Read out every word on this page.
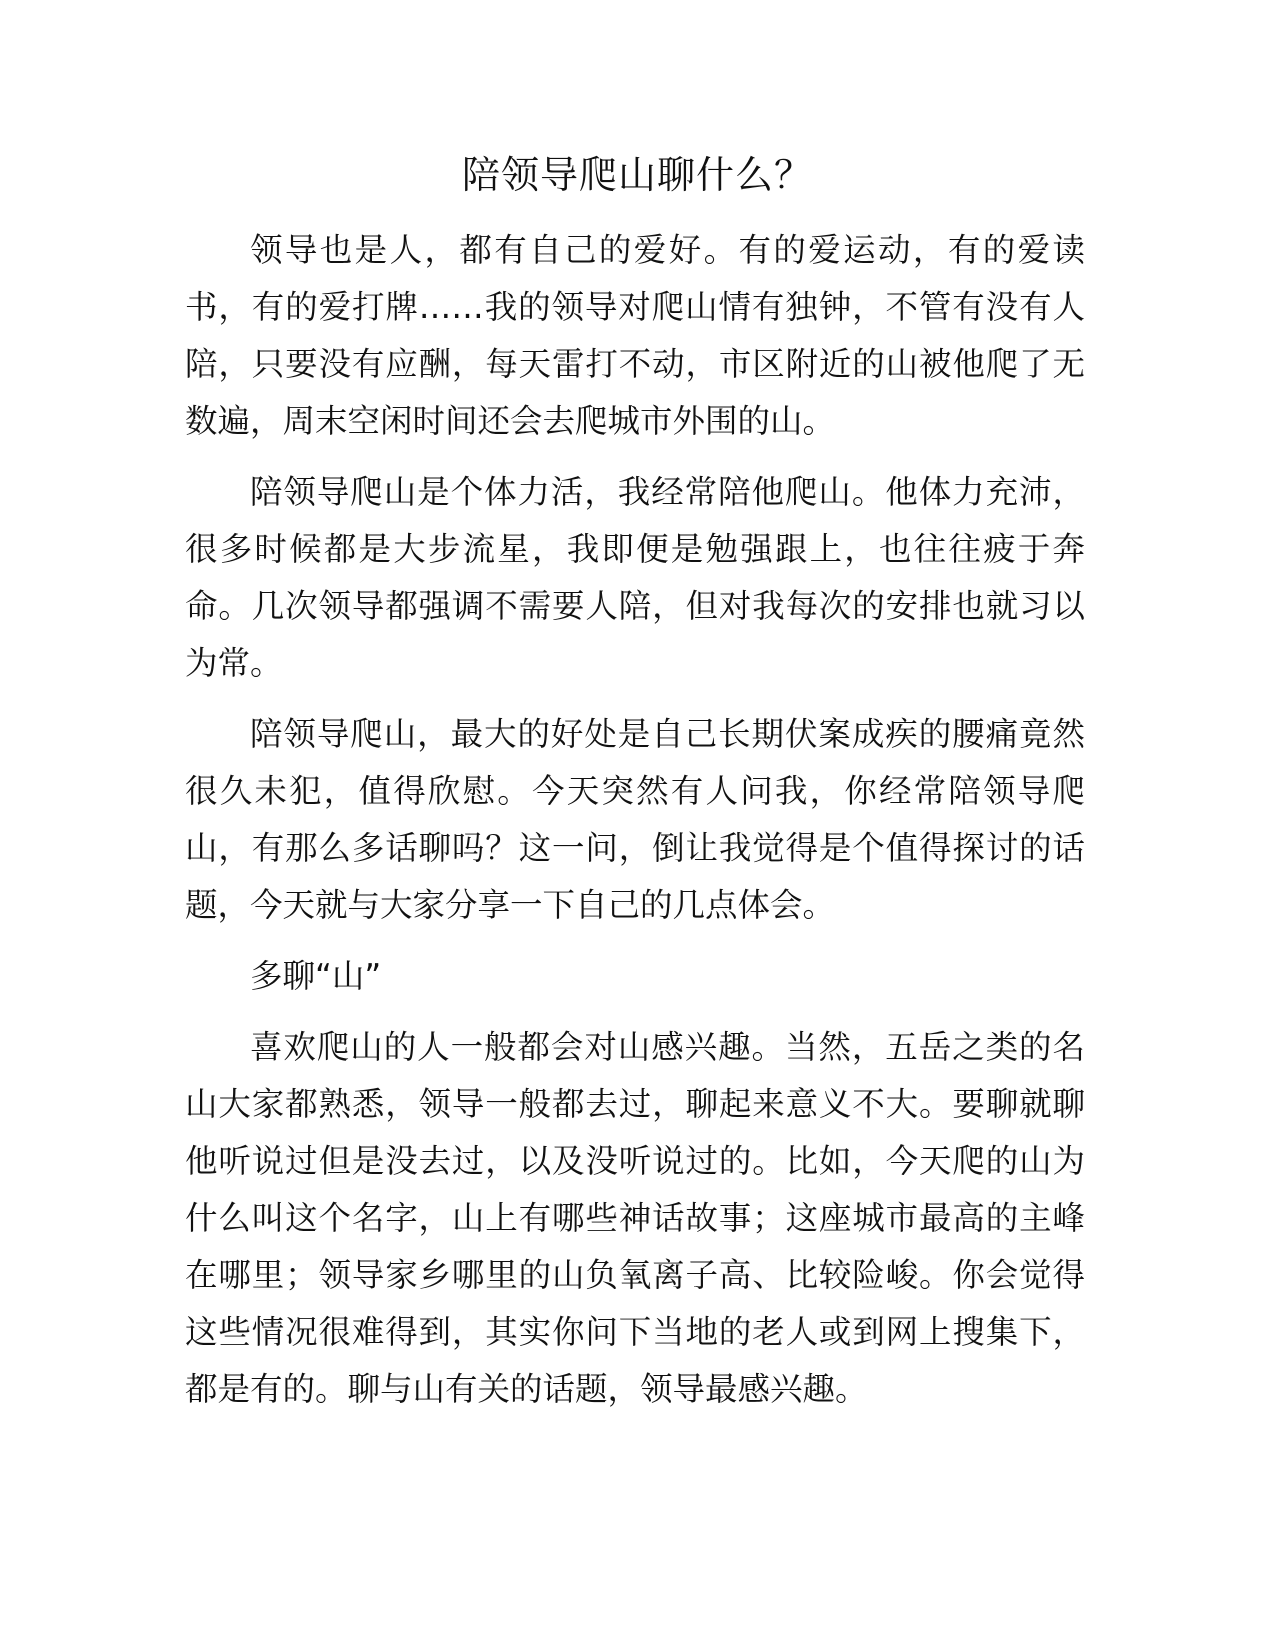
陪领导爬山聊什么？

领导也是人，都有自己的爱好。有的爱运动，有的爱读书，有的爱打牌……我的领导对爬山情有独钟，不管有没有人陪，只要没有应酬，每天雷打不动，市区附近的山被他爬了无数遍，周末空闲时间还会去爬城市外围的山。

陪领导爬山是个体力活，我经常陪他爬山。他体力充沛，很多时候都是大步流星，我即便是勉强跟上，也往往疲于奔命。几次领导都强调不需要人陪，但对我每次的安排也就习以为常。

陪领导爬山，最大的好处是自己长期伏案成疾的腰痛竟然很久未犯，值得欣慰。今天突然有人问我，你经常陪领导爬山，有那么多话聊吗？这一问，倒让我觉得是个值得探讨的话题，今天就与大家分享一下自己的几点体会。

多聊“山”

喜欢爬山的人一般都会对山感兴趣。当然，五岳之类的名山大家都熟悉，领导一般都去过，聊起来意义不大。要聊就聊他听说过但是没去过，以及没听说过的。比如，今天爬的山为什么叫这个名字，山上有哪些神话故事；这座城市最高的主峰在哪里；领导家乡哪里的山负氧离子高、比较险峻。你会觉得这些情况很难得到，其实你问下当地的老人或到网上搜集下，都是有的。聊与山有关的话题，领导最感兴趣。
